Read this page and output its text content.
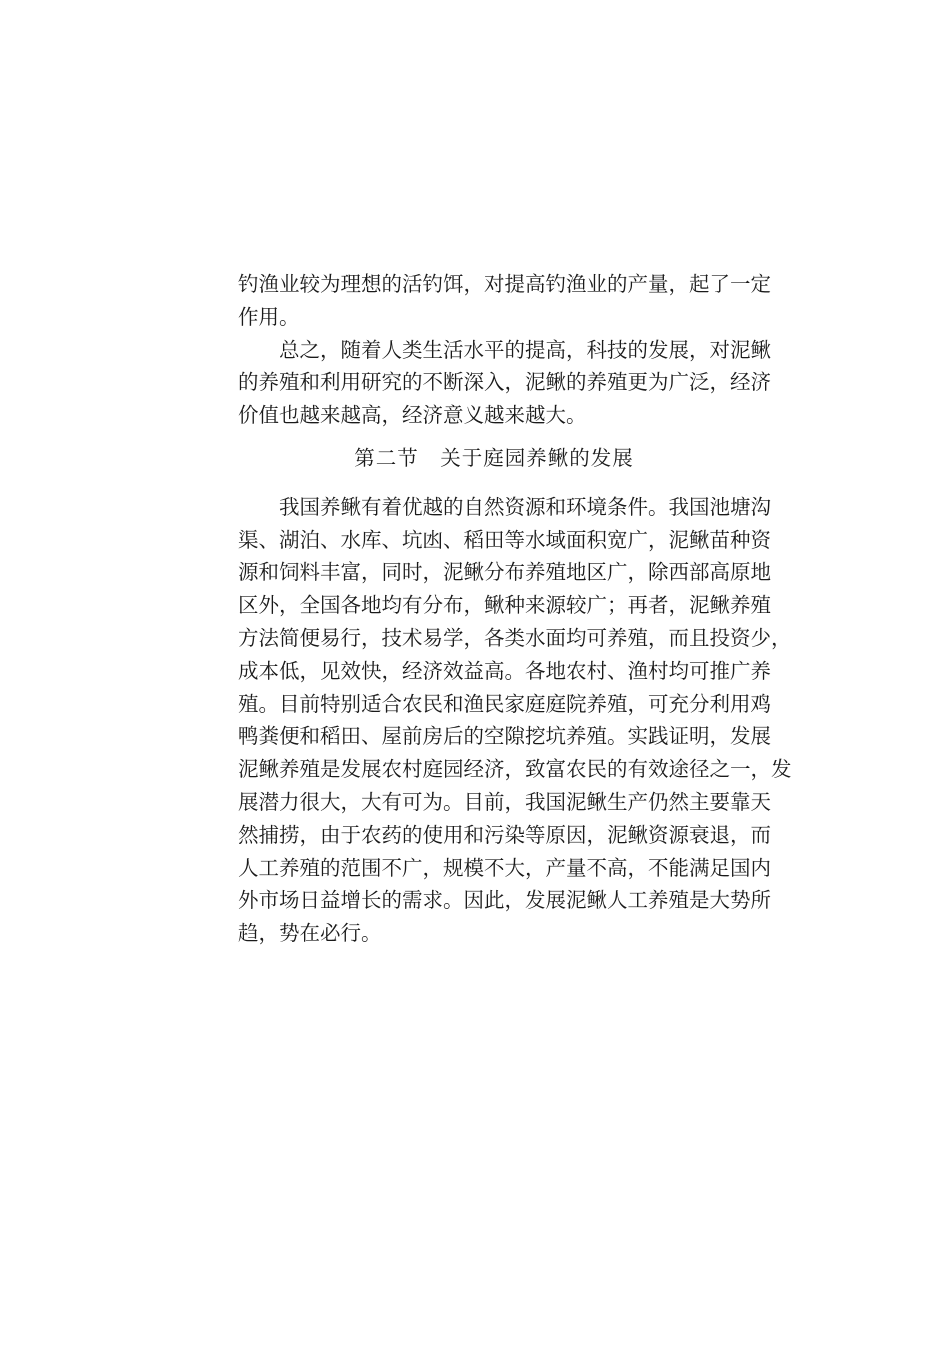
钓渔业较为理想的活钓饵，对提高钓渔业的产量，起了一定
作用。
总之，随着人类生活水平的提高，科技的发展，对泥鳅
的养殖和利用研究的不断深入，泥鳅的养殖更为广泛，经济
价值也越来越高，经济意义越来越大。
第二节　关于庭园养鳅的发展
我国养鳅有着优越的自然资源和环境条件。我国池塘沟
渠、湖泊、水库、坑凼、稻田等水域面积宽广，泥鳅苗种资
源和饲料丰富，同时，泥鳅分布养殖地区广，除西部高原地
区外，全国各地均有分布，鳅种来源较广；再者，泥鳅养殖
方法简便易行，技术易学，各类水面均可养殖，而且投资少，
成本低，见效快，经济效益高。各地农村、渔村均可推广养
殖。目前特别适合农民和渔民家庭庭院养殖，可充分利用鸡
鸭粪便和稻田、屋前房后的空隙挖坑养殖。实践证明，发展
泥鳅养殖是发展农村庭园经济，致富农民的有效途径之一，发
展潜力很大，大有可为。目前，我国泥鳅生产仍然主要靠天
然捕捞，由于农药的使用和污染等原因，泥鳅资源衰退，而
人工养殖的范围不广，规模不大，产量不高，不能满足国内
外市场日益增长的需求。因此，发展泥鳅人工养殖是大势所
趋，势在必行。
